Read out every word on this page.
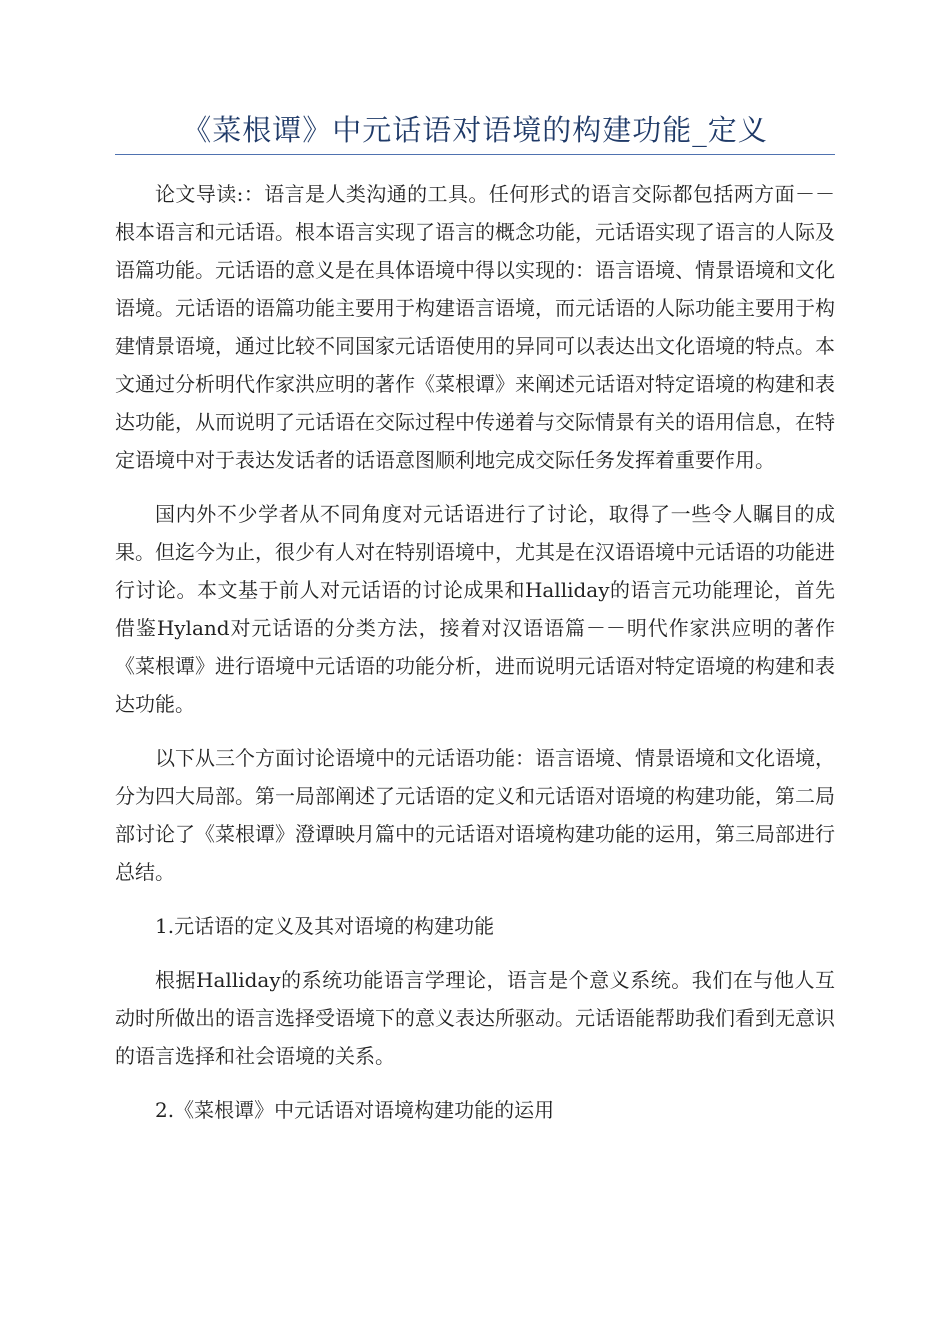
《菜根谭》中元话语对语境的构建功能_定义

论文导读:：语言是人类沟通的工具。任何形式的语言交际都包括两方面－－根本语言和元话语。根本语言实现了语言的概念功能，元话语实现了语言的人际及语篇功能。元话语的意义是在具体语境中得以实现的：语言语境、情景语境和文化语境。元话语的语篇功能主要用于构建语言语境，而元话语的人际功能主要用于构建情景语境，通过比较不同国家元话语使用的异同可以表达出文化语境的特点。本文通过分析明代作家洪应明的著作《菜根谭》来阐述元话语对特定语境的构建和表达功能，从而说明了元话语在交际过程中传递着与交际情景有关的语用信息，在特定语境中对于表达发话者的话语意图顺利地完成交际任务发挥着重要作用。

国内外不少学者从不同角度对元话语进行了讨论，取得了一些令人瞩目的成果。但迄今为止，很少有人对在特别语境中，尤其是在汉语语境中元话语的功能进行讨论。本文基于前人对元话语的讨论成果和Halliday的语言元功能理论，首先借鉴Hyland对元话语的分类方法，接着对汉语语篇－－明代作家洪应明的著作《菜根谭》进行语境中元话语的功能分析，进而说明元话语对特定语境的构建和表达功能。

以下从三个方面讨论语境中的元话语功能：语言语境、情景语境和文化语境，分为四大局部。第一局部阐述了元话语的定义和元话语对语境的构建功能，第二局部讨论了《菜根谭》澄谭映月篇中的元话语对语境构建功能的运用，第三局部进行总结。

1.元话语的定义及其对语境的构建功能

根据Halliday的系统功能语言学理论，语言是个意义系统。我们在与他人互动时所做出的语言选择受语境下的意义表达所驱动。元话语能帮助我们看到无意识的语言选择和社会语境的关系。

2.《菜根谭》中元话语对语境构建功能的运用
